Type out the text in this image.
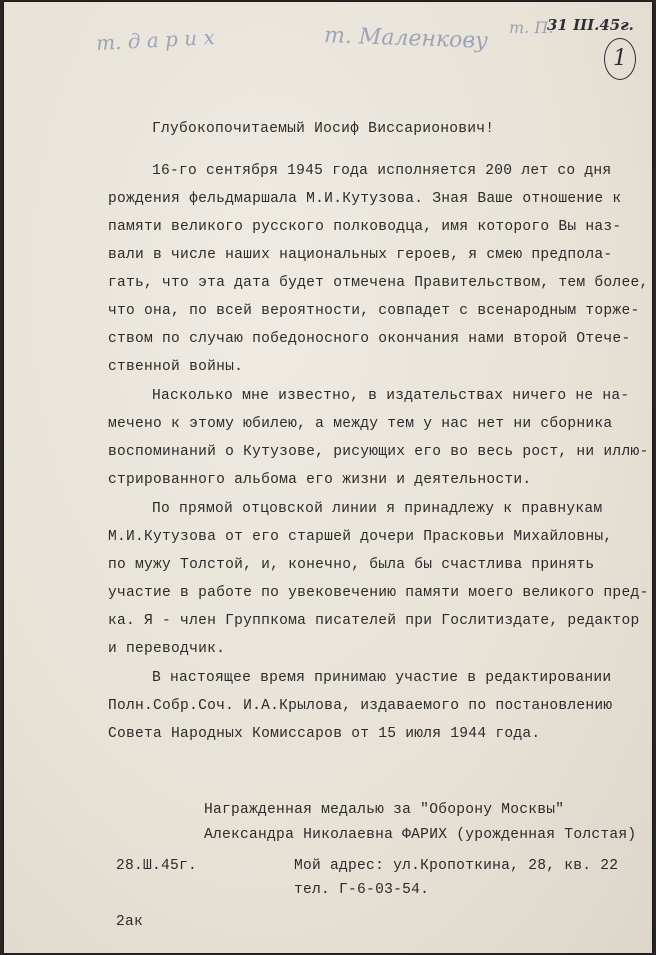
т. д а р и х	т. Маленкову т. П.
31 III.45г.
1
Глубокопочитаемый Иосиф Виссарионович!
16-го сентября 1945 года исполняется 200 лет со дня
рождения фельдмаршала М.И.Кутузова. Зная Ваше отношение к
памяти великого русского полководца, имя которого Вы наз-
вали в числе наших национальных героев, я смею предпола-
гать, что эта дата будет отмечена Правительством, тем более,
что она, по всей вероятности, совпадет с всенародным торже-
ством по случаю победоносного окончания нами второй Отече-
ственной войны.
Насколько мне известно, в издательствах ничего не на-
мечено к этому юбилею, а между тем у нас нет ни сборника
воспоминаний о Кутузове, рисующих его во весь рост, ни иллю-
стрированного альбома его жизни и деятельности.
По прямой отцовской линии я принадлежу к правнукам
М.И.Кутузова от его старшей дочери Прасковьи Михайловны,
по мужу Толстой, и, конечно, была бы счастлива принять
участие в работе по увековечению памяти моего великого пред-
ка. Я - член Группкома писателей при Гослитиздате, редактор
и переводчик.
В настоящее время принимаю участие в редактировании
Полн.Собр.Соч. И.А.Крылова, издаваемого по постановлению
Совета Народных Комиссаров от 15 июля 1944 года.
Награжденная медалью за "Оборону Москвы"
Александра Николаевна ФАРИХ (урожденная Толстая)
28.Ш.45г.	Мой адрес: ул.Кропоткина, 28, кв. 22
тел. Г-6-03-54.
2ак
